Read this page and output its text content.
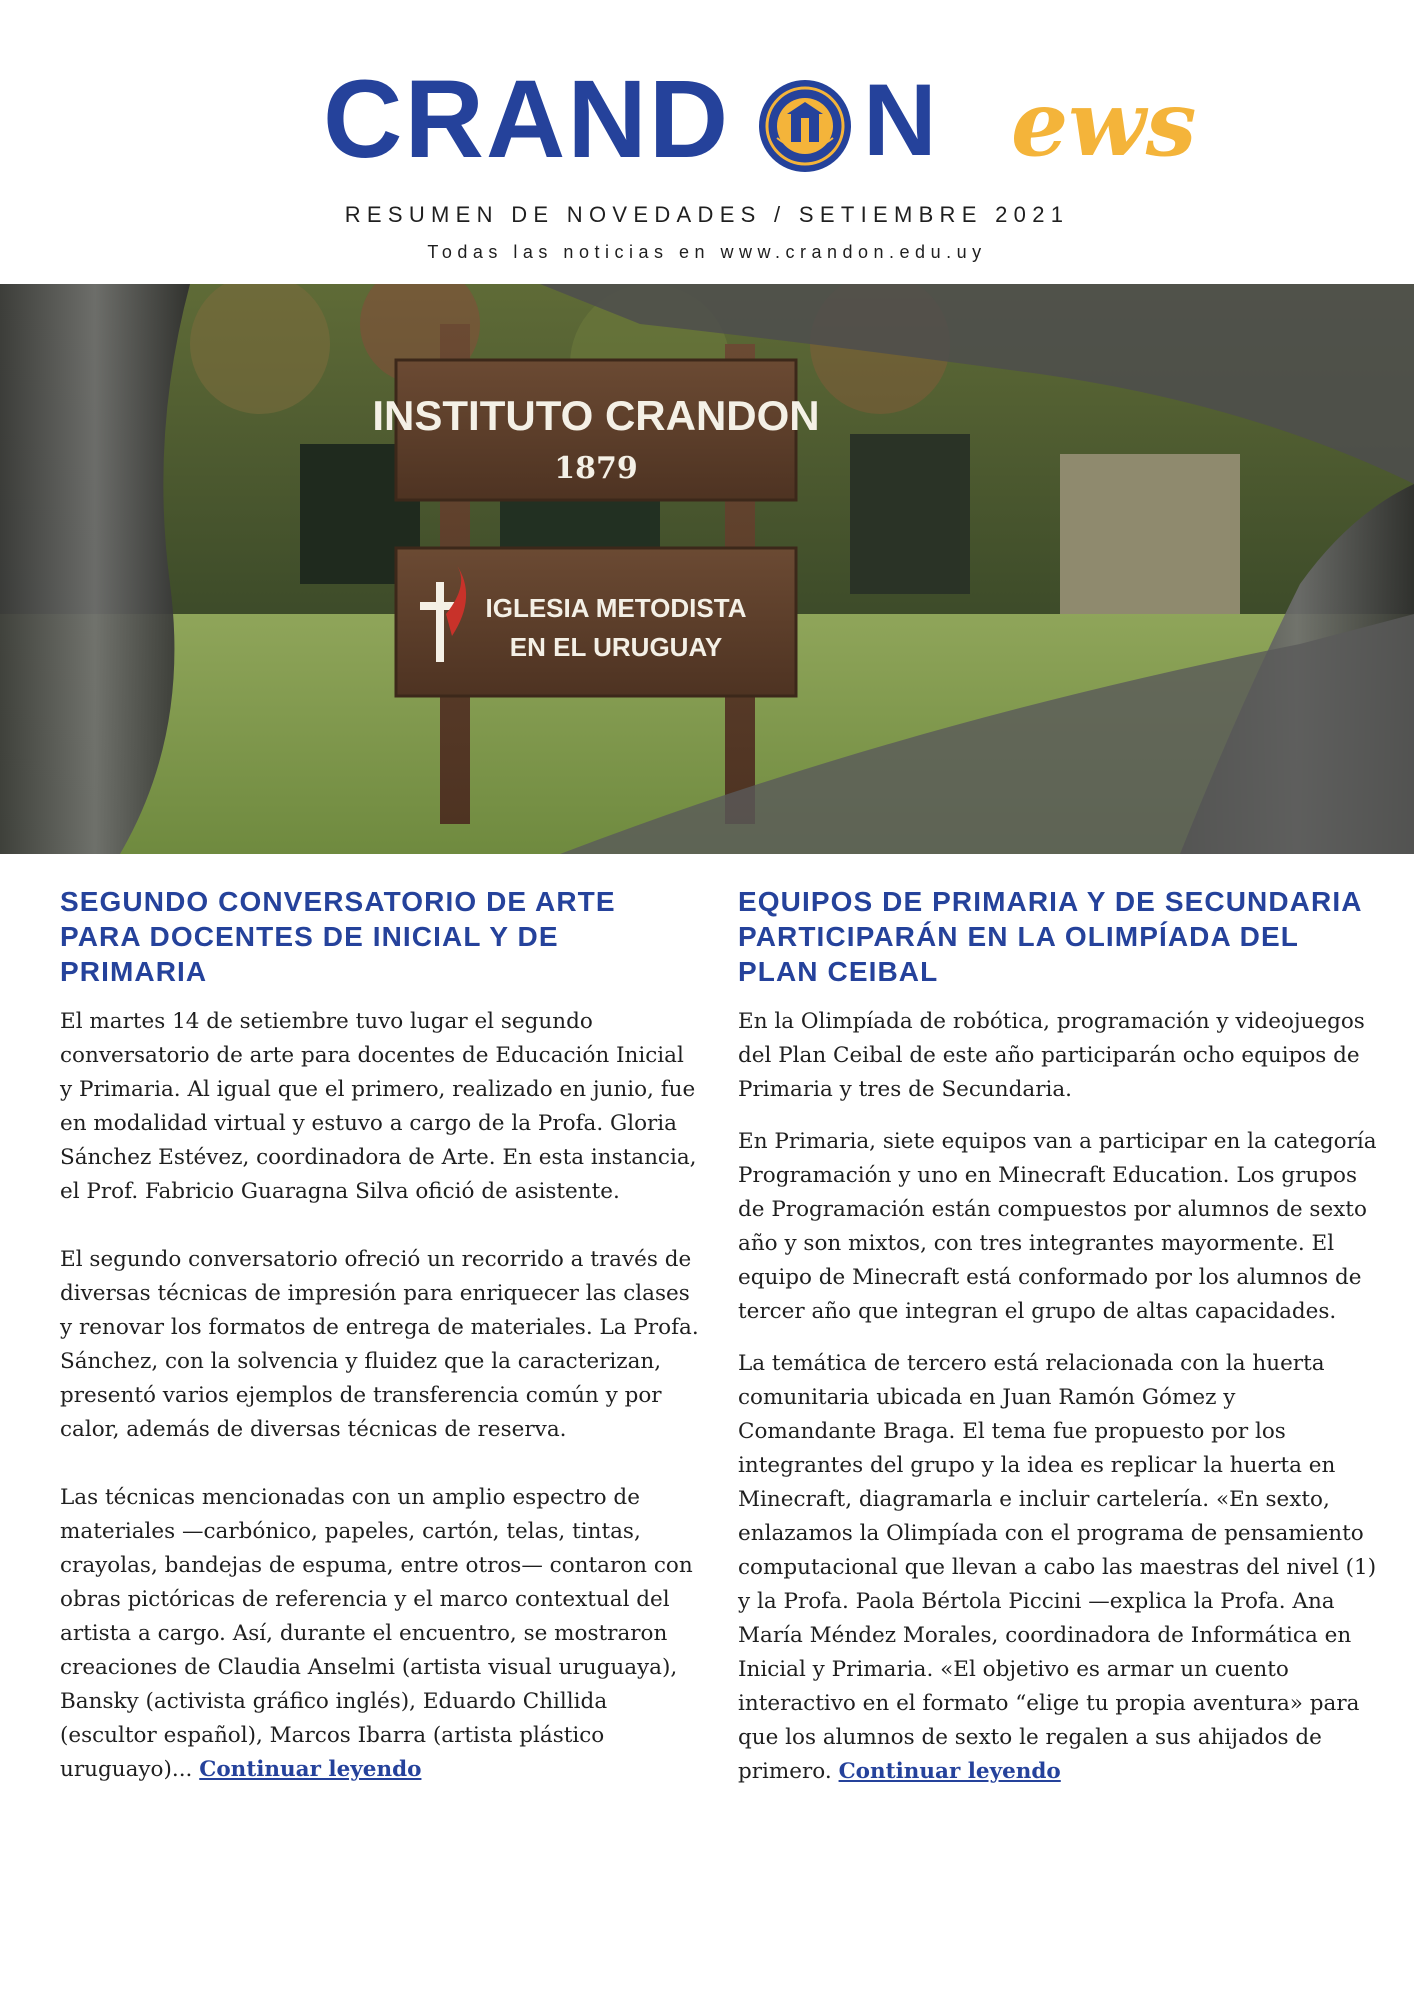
CRAND N ews
RESUMEN DE NOVEDADES / SETIEMBRE 2021
Todas las noticias en www.crandon.edu.uy
INSTITUTO CRANDON
1879
IGLESIA METODISTA
EN EL URUGUAY
SEGUNDO CONVERSATORIO DE ARTE PARA DOCENTES DE INICIAL Y DE PRIMARIA

El martes 14 de setiembre tuvo lugar el segundo conversatorio de arte para docentes de Educación Inicial y Primaria. Al igual que el primero, realizado en junio, fue en modalidad virtual y estuvo a cargo de la Profa. Gloria Sánchez Estévez, coordinadora de Arte. En esta instancia, el Prof. Fabricio Guaragna Silva ofició de asistente.

El segundo conversatorio ofreció un recorrido a través de diversas técnicas de impresión para enriquecer las clases y renovar los formatos de entrega de materiales. La Profa. Sánchez, con la solvencia y fluidez que la caracterizan, presentó varios ejemplos de transferencia común y por calor, además de diversas técnicas de reserva.

Las técnicas mencionadas con un amplio espectro de materiales —carbónico, papeles, cartón, telas, tintas, crayolas, bandejas de espuma, entre otros— contaron con obras pictóricas de referencia y el marco contextual del artista a cargo. Así, durante el encuentro, se mostraron creaciones de Claudia Anselmi (artista visual uruguaya), Bansky (activista gráfico inglés), Eduardo Chillida (escultor español), Marcos Ibarra (artista plástico uruguayo)... Continuar leyendo

EQUIPOS DE PRIMARIA Y DE SECUNDARIA PARTICIPARÁN EN LA OLIMPÍADA DEL PLAN CEIBAL

En la Olimpíada de robótica, programación y videojuegos del Plan Ceibal de este año participarán ocho equipos de Primaria y tres de Secundaria.

En Primaria, siete equipos van a participar en la categoría Programación y uno en Minecraft Education. Los grupos de Programación están compuestos por alumnos de sexto año y son mixtos, con tres integrantes mayormente. El equipo de Minecraft está conformado por los alumnos de tercer año que integran el grupo de altas capacidades.

La temática de tercero está relacionada con la huerta comunitaria ubicada en Juan Ramón Gómez y Comandante Braga. El tema fue propuesto por los integrantes del grupo y la idea es replicar la huerta en Minecraft, diagramarla e incluir cartelería. «En sexto, enlazamos la Olimpíada con el programa de pensamiento computacional que llevan a cabo las maestras del nivel (1) y la Profa. Paola Bértola Piccini —explica la Profa. Ana María Méndez Morales, coordinadora de Informática en Inicial y Primaria. «El objetivo es armar un cuento interactivo en el formato “elige tu propia aventura» para que los alumnos de sexto le regalen a sus ahijados de primero. Continuar leyendo
